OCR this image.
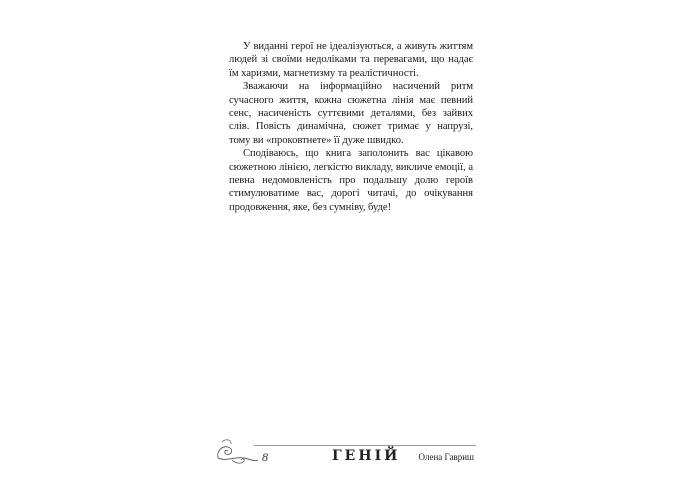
У виданні герої не ідеалізуються, а живуть життям людей зі своїми недоліками та перевагами, що надає їм харизми, магнетизму та реалістичності.

Зважаючи на інформаційно насичений ритм сучасного життя, кожна сюжетна лінія має певний сенс, насиченість суттєвими деталями, без зайвих слів. Повість динамічна, сюжет тримає у напрузі, тому ви «проковтнете» її дуже швидко.

Сподіваюсь, що книга заполонить вас цікавою сюжетною лінією, легкістю викладу, викличе емоції, а певна недомовленість про подальшу долю героїв стимулюватиме вас, дорогі читачі, до очікування продовження, яке, без сумніву, буде!

8	ГЕНІЙ Олена Гавриш
